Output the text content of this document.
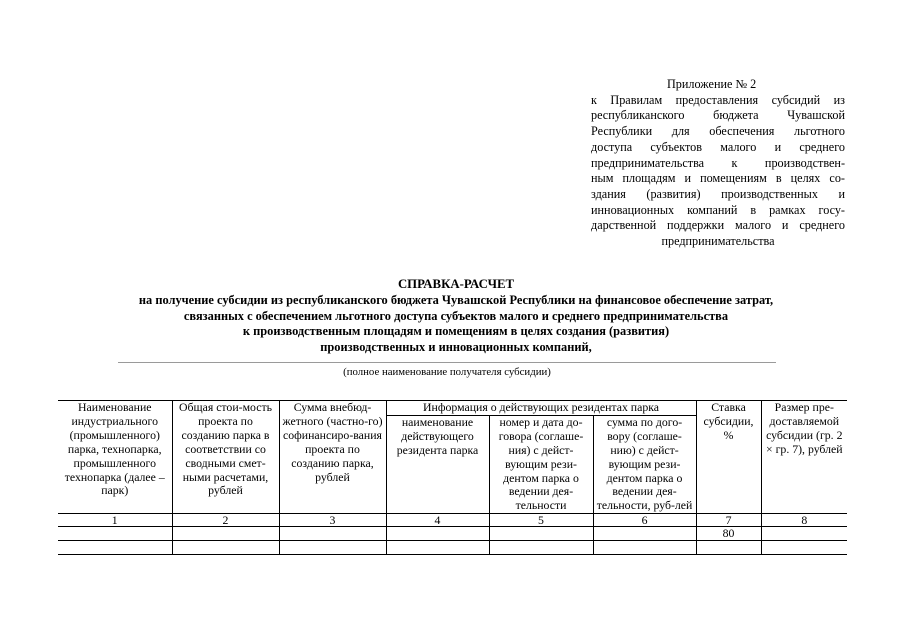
Приложение № 2
к Правилам предоставления субсидий из
республиканского бюджета Чувашской
Республики для обеспечения льготного
доступа субъектов малого и среднего
предпринимательства к производствен-
ным площадям и помещениям в целях со-
здания (развития) производственных и
инновационных компаний в рамках госу-
дарственной поддержки малого и среднего
предпринимательства
СПРАВКА-РАСЧЕТ
на получение субсидии из республиканского бюджета Чувашской Республики на финансовое обеспечение затрат,
связанных с обеспечением льготного доступа субъектов малого и среднего предпринимательства
к производственным площадям и помещениям в целях создания (развития)
производственных и инновационных компаний,
(полное наименование получателя субсидии)
Наименование индустриального (промышленного) парка, технопарка, промышленного технопарка (далее – парк)	Общая стои-мость проекта по созданию парка в соответствии со сводными смет-ными расчетами, рублей	Сумма внебюд-жетного (частно-го) софинансиро-вания проекта по созданию парка, рублей	Информация о действующих резидентах парка			Ставка субсидии, %	Размер пре-доставляемой субсидии (гр. 2 × гр. 7), рублей
			наименование действующего резидента парка	номер и дата до-говора (соглаше-ния) с дейст-вующим рези-дентом парка о ведении дея-тельности	сумма по дого-вору (соглаше-нию) с дейст-вующим рези-дентом парка о ведении дея-тельности, руб-лей		
1	2	3	4	5	6	7	8
						80	
